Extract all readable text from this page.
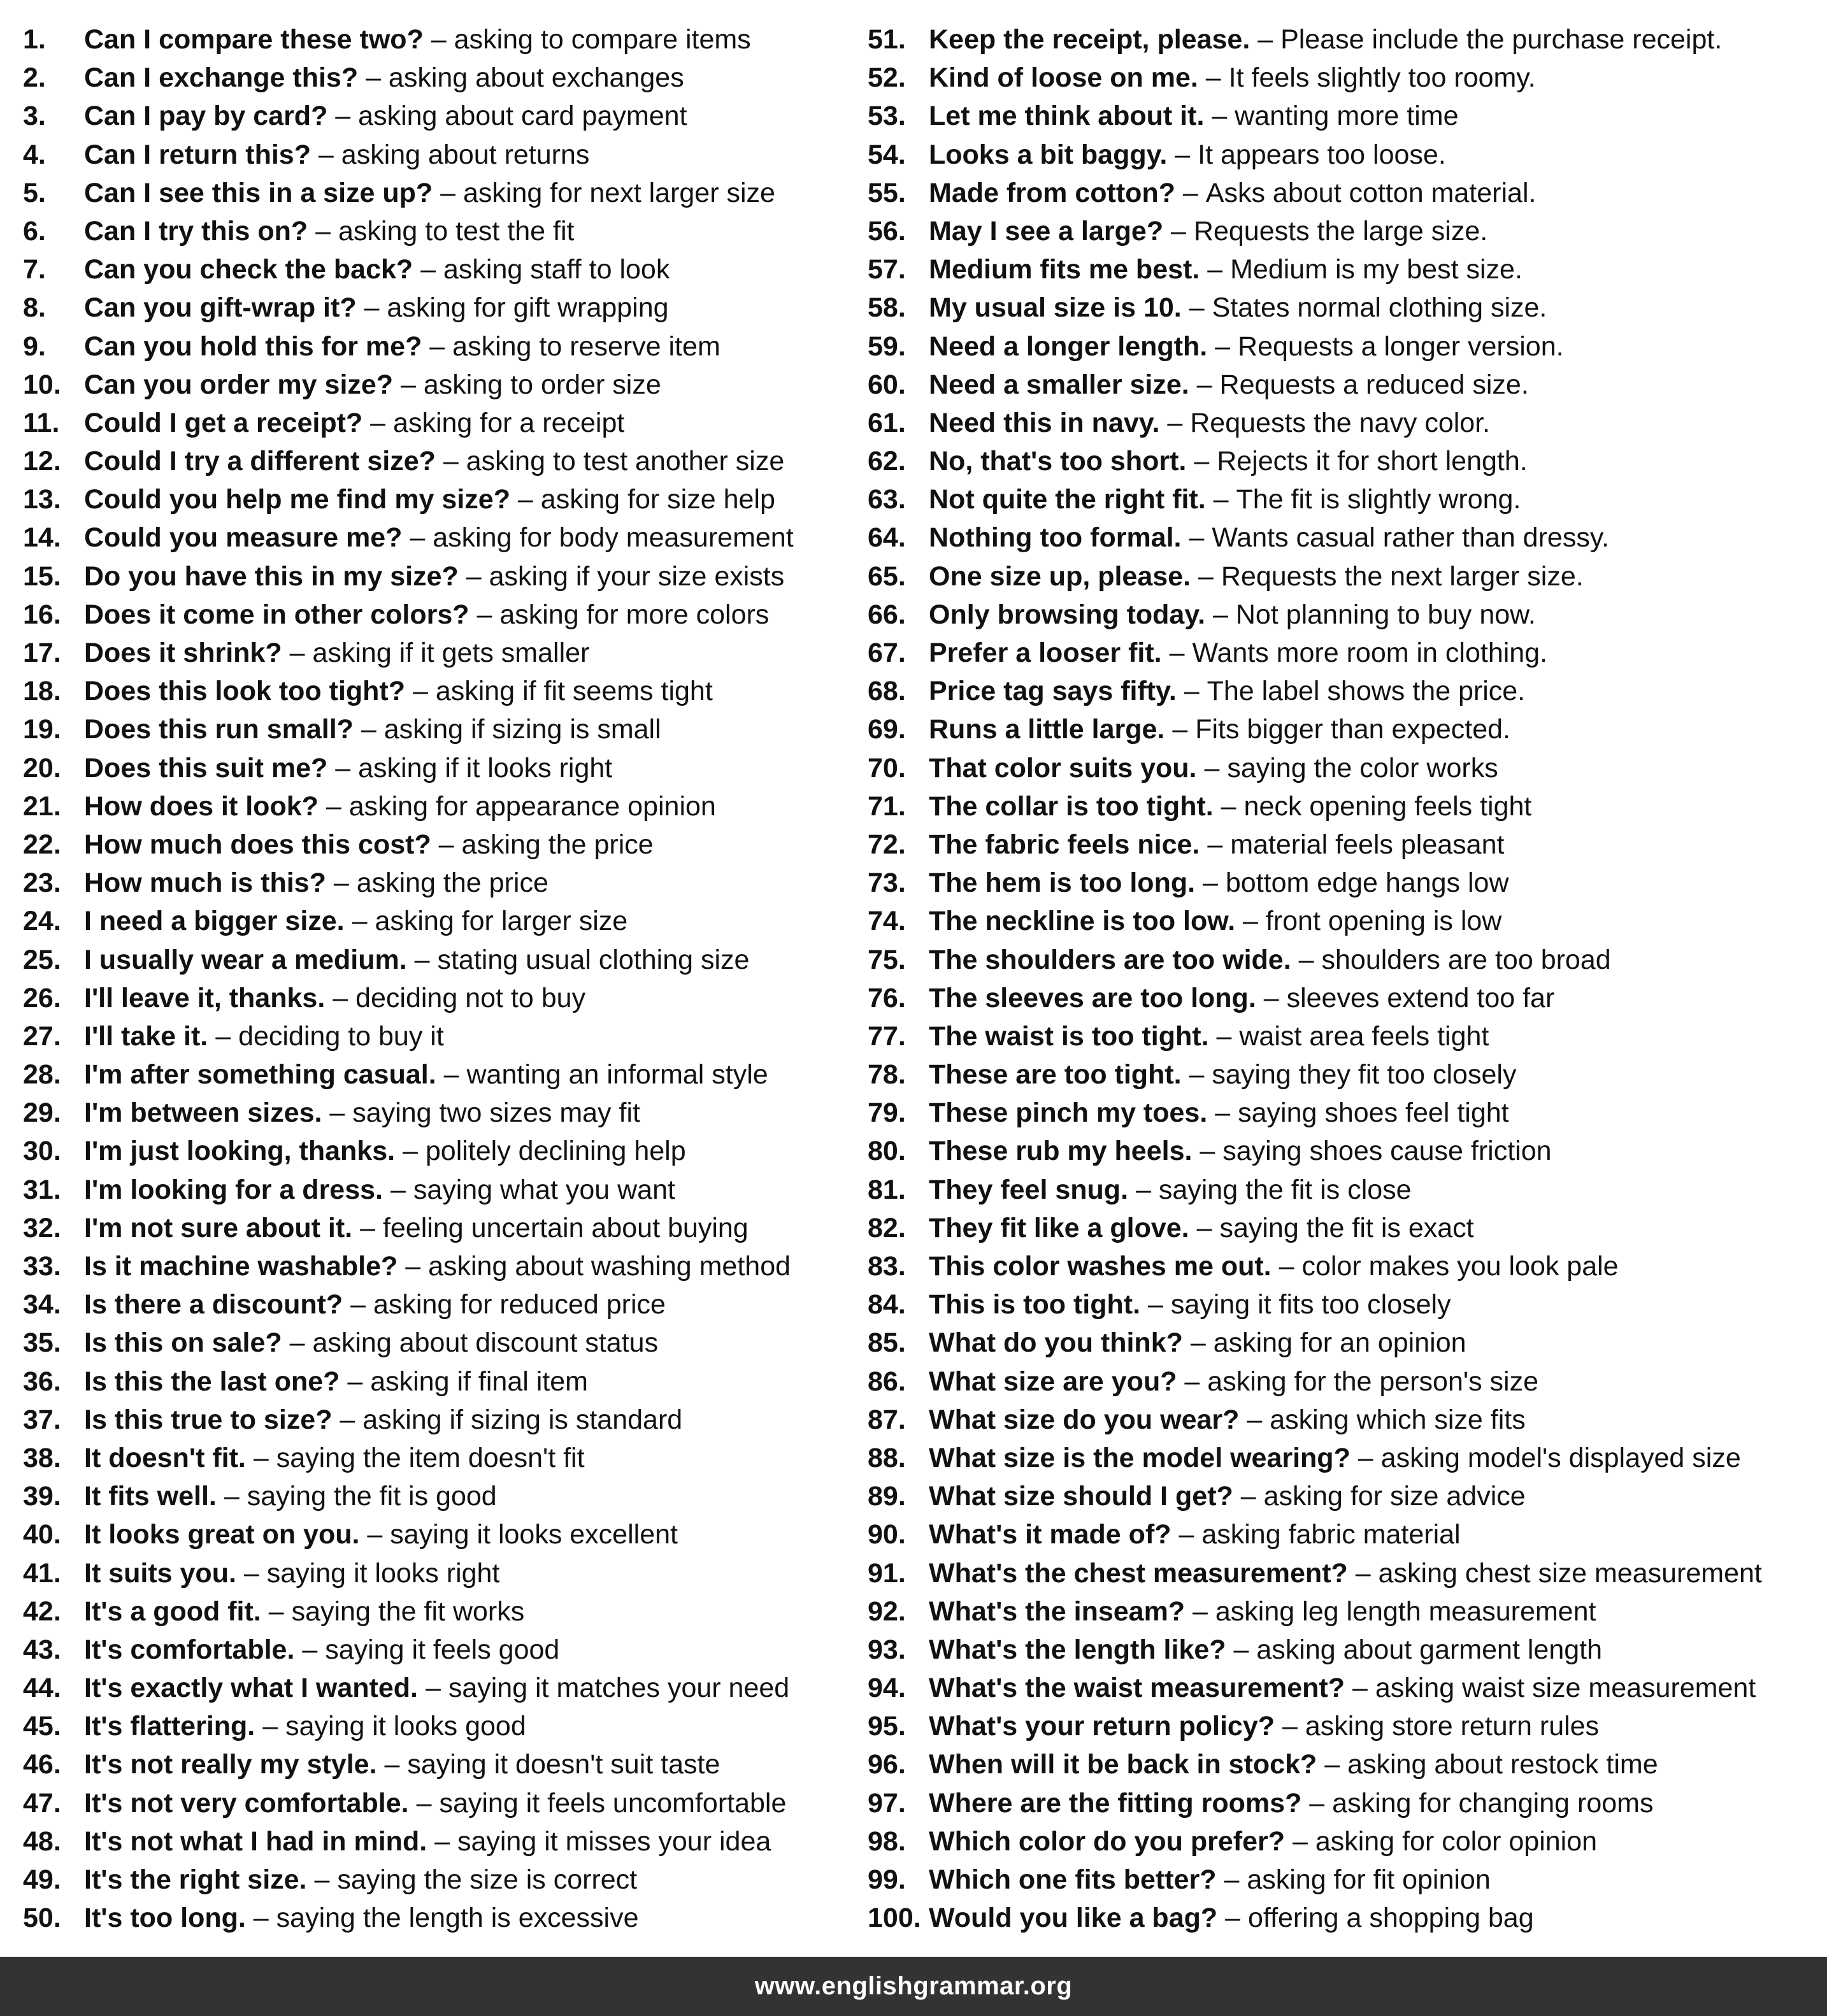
1.	Can I compare these two? – asking to compare items
2.	Can I exchange this? – asking about exchanges
3.	Can I pay by card? – asking about card payment
4.	Can I return this? – asking about returns
5.	Can I see this in a size up? – asking for next larger size
6.	Can I try this on? – asking to test the fit
7.	Can you check the back? – asking staff to look
8.	Can you gift-wrap it? – asking for gift wrapping
9.	Can you hold this for me? – asking to reserve item
10. Can you order my size? – asking to order size
11. Could I get a receipt? – asking for a receipt
12. Could I try a different size? – asking to test another size
13. Could you help me find my size? – asking for size help
14. Could you measure me? – asking for body measurement
15. Do you have this in my size? – asking if your size exists
16. Does it come in other colors? – asking for more colors
17. Does it shrink? – asking if it gets smaller
18. Does this look too tight? – asking if fit seems tight
19. Does this run small? – asking if sizing is small
20. Does this suit me? – asking if it looks right
21. How does it look? – asking for appearance opinion
22. How much does this cost? – asking the price
23. How much is this? – asking the price
24. I need a bigger size. – asking for larger size
25. I usually wear a medium. – stating usual clothing size
26. I'll leave it, thanks. – deciding not to buy
27. I'll take it. – deciding to buy it
28. I'm after something casual. – wanting an informal style
29. I'm between sizes. – saying two sizes may fit
30. I'm just looking, thanks. – politely declining help
31. I'm looking for a dress. – saying what you want
32. I'm not sure about it. – feeling uncertain about buying
33. Is it machine washable? – asking about washing method
34. Is there a discount? – asking for reduced price
35. Is this on sale? – asking about discount status
36. Is this the last one? – asking if final item
37. Is this true to size? – asking if sizing is standard
38. It doesn't fit. – saying the item doesn't fit
39. It fits well. – saying the fit is good
40. It looks great on you. – saying it looks excellent
41. It suits you. – saying it looks right
42. It's a good fit. – saying the fit works
43. It's comfortable. – saying it feels good
44. It's exactly what I wanted. – saying it matches your need
45. It's flattering. – saying it looks good
46. It's not really my style. – saying it doesn't suit taste
47. It's not very comfortable. – saying it feels uncomfortable
48. It's not what I had in mind. – saying it misses your idea
49. It's the right size. – saying the size is correct
50. It's too long. – saying the length is excessive
51. Keep the receipt, please. – Please include the purchase receipt.
52. Kind of loose on me. – It feels slightly too roomy.
53. Let me think about it. – wanting more time
54. Looks a bit baggy. – It appears too loose.
55. Made from cotton? – Asks about cotton material.
56. May I see a large? – Requests the large size.
57. Medium fits me best. – Medium is my best size.
58. My usual size is 10. – States normal clothing size.
59. Need a longer length. – Requests a longer version.
60. Need a smaller size. – Requests a reduced size.
61. Need this in navy. – Requests the navy color.
62. No, that's too short. – Rejects it for short length.
63. Not quite the right fit. – The fit is slightly wrong.
64. Nothing too formal. – Wants casual rather than dressy.
65. One size up, please. – Requests the next larger size.
66. Only browsing today. – Not planning to buy now.
67. Prefer a looser fit. – Wants more room in clothing.
68. Price tag says fifty. – The label shows the price.
69. Runs a little large. – Fits bigger than expected.
70. That color suits you. – saying the color works
71. The collar is too tight. – neck opening feels tight
72. The fabric feels nice. – material feels pleasant
73. The hem is too long. – bottom edge hangs low
74. The neckline is too low. – front opening is low
75. The shoulders are too wide. – shoulders are too broad
76. The sleeves are too long. – sleeves extend too far
77. The waist is too tight. – waist area feels tight
78. These are too tight. – saying they fit too closely
79. These pinch my toes. – saying shoes feel tight
80. These rub my heels. – saying shoes cause friction
81. They feel snug. – saying the fit is close
82. They fit like a glove. – saying the fit is exact
83. This color washes me out. – color makes you look pale
84. This is too tight. – saying it fits too closely
85. What do you think? – asking for an opinion
86. What size are you? – asking for the person's size
87. What size do you wear? – asking which size fits
88. What size is the model wearing? – asking model's displayed size
89. What size should I get? – asking for size advice
90. What's it made of? – asking fabric material
91. What's the chest measurement? – asking chest size measurement
92. What's the inseam? – asking leg length measurement
93. What's the length like? – asking about garment length
94. What's the waist measurement? – asking waist size measurement
95. What's your return policy? – asking store return rules
96. When will it be back in stock? – asking about restock time
97. Where are the fitting rooms? – asking for changing rooms
98. Which color do you prefer? – asking for color opinion
99. Which one fits better? – asking for fit opinion
100. Would you like a bag? – offering a shopping bag
www.englishgrammar.org
